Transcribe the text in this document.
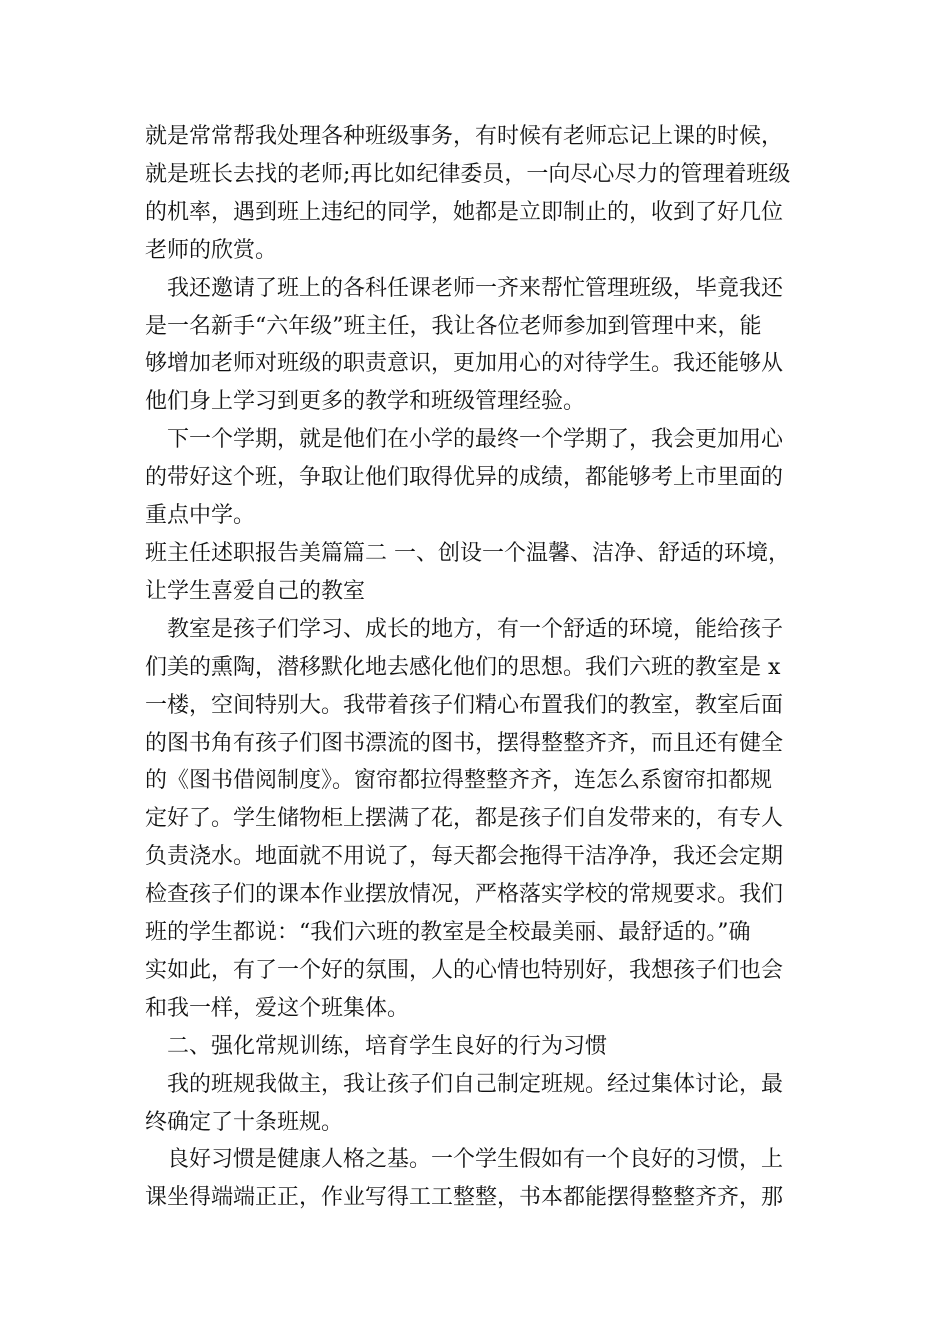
就是常常帮我处理各种班级事务，有时候有老师忘记上课的时候，
就是班长去找的老师;再比如纪律委员，一向尽心尽力的管理着班级
的机率，遇到班上违纪的同学，她都是立即制止的，收到了好几位
老师的欣赏。

我还邀请了班上的各科任课老师一齐来帮忙管理班级，毕竟我还
是一名新手“六年级”班主任，我让各位老师参加到管理中来，能
够增加老师对班级的职责意识，更加用心的对待学生。我还能够从
他们身上学习到更多的教学和班级管理经验。

下一个学期，就是他们在小学的最终一个学期了，我会更加用心
的带好这个班，争取让他们取得优异的成绩，都能够考上市里面的
重点中学。

班主任述职报告美篇篇二 一、创设一个温馨、洁净、舒适的环境，
让学生喜爱自己的教室

教室是孩子们学习、成长的地方，有一个舒适的环境，能给孩子
们美的熏陶，潜移默化地去感化他们的思想。我们六班的教室是 x
一楼，空间特别大。我带着孩子们精心布置我们的教室，教室后面
的图书角有孩子们图书漂流的图书，摆得整整齐齐，而且还有健全
的《图书借阅制度》。窗帘都拉得整整齐齐，连怎么系窗帘扣都规
定好了。学生储物柜上摆满了花，都是孩子们自发带来的，有专人
负责浇水。地面就不用说了，每天都会拖得干洁净净，我还会定期
检查孩子们的课本作业摆放情况，严格落实学校的常规要求。我们
班的学生都说：“我们六班的教室是全校最美丽、最舒适的。”确
实如此，有了一个好的氛围，人的心情也特别好，我想孩子们也会
和我一样，爱这个班集体。

二、强化常规训练，培育学生良好的行为习惯

我的班规我做主，我让孩子们自己制定班规。经过集体讨论，最
终确定了十条班规。

良好习惯是健康人格之基。一个学生假如有一个良好的习惯，上
课坐得端端正正，作业写得工工整整，书本都能摆得整整齐齐，那
